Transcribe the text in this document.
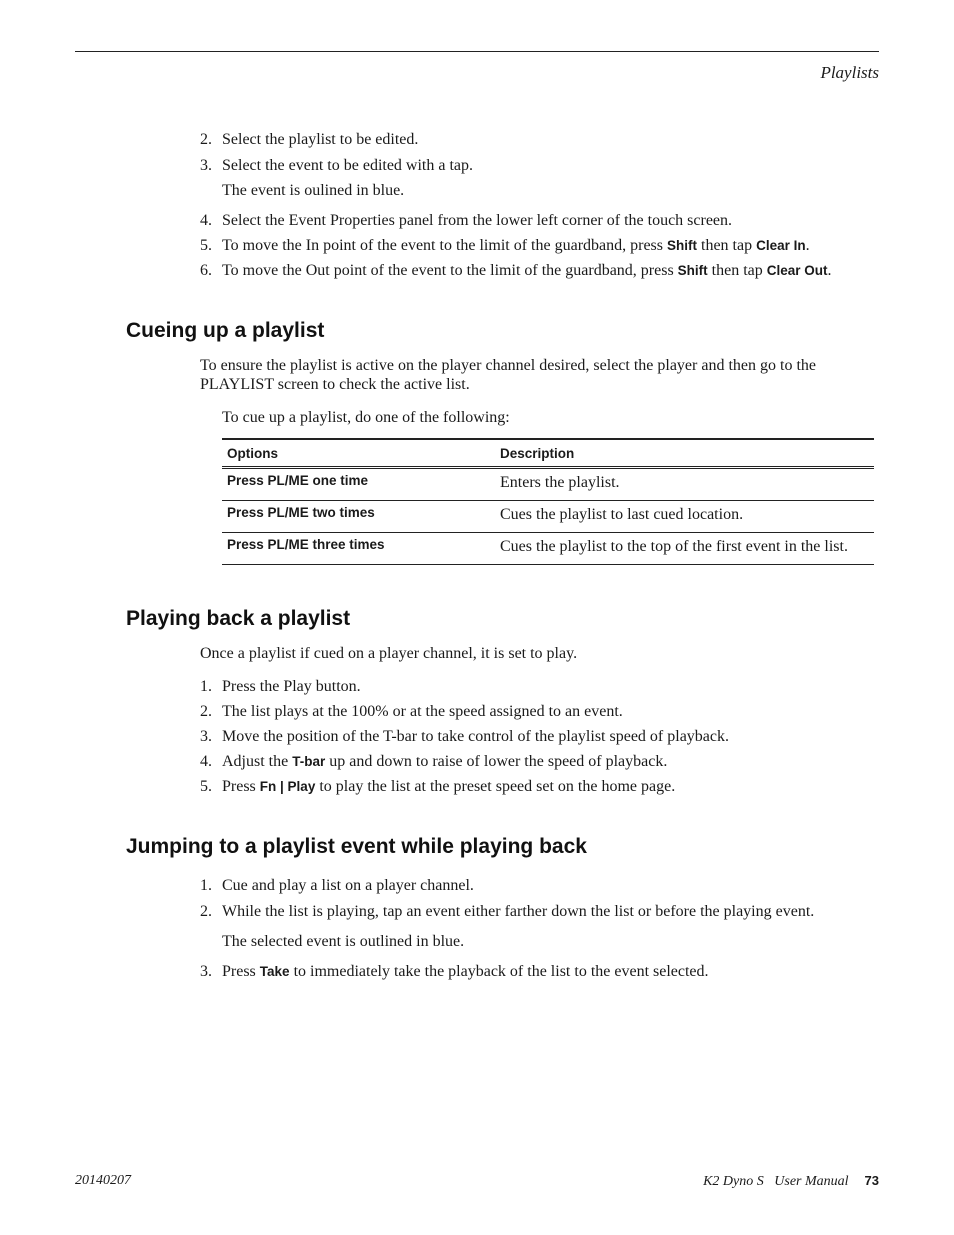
Playlists
2. Select the playlist to be edited.
3. Select the event to be edited with a tap.
The event is oulined in blue.
4. Select the Event Properties panel from the lower left corner of the touch screen.
5. To move the In point of the event to the limit of the guardband, press Shift then tap Clear In.
6. To move the Out point of the event to the limit of the guardband, press Shift then tap Clear Out.
Cueing up a playlist

To ensure the playlist is active on the player channel desired, select the player and then go to the PLAYLIST screen to check the active list.

To cue up a playlist, do one of the following:

Options	Description
Press PL/ME one time	Enters the playlist.
Press PL/ME two times	Cues the playlist to last cued location.
Press PL/ME three times	Cues the playlist to the top of the first event in the list.
Playing back a playlist

Once a playlist if cued on a player channel, it is set to play.

1. Press the Play button.
2. The list plays at the 100% or at the speed assigned to an event.
3. Move the position of the T-bar to take control of the playlist speed of playback.
4. Adjust the T-bar up and down to raise of lower the speed of playback.
5. Press Fn | Play to play the list at the preset speed set on the home page.
Jumping to a playlist event while playing back
1. Cue and play a list on a player channel.
2. While the list is playing, tap an event either farther down the list or before the playing event.
The selected event is outlined in blue.
3. Press Take to immediately take the playback of the list to the event selected.
20140207	K2 Dyno S   User Manual 73
